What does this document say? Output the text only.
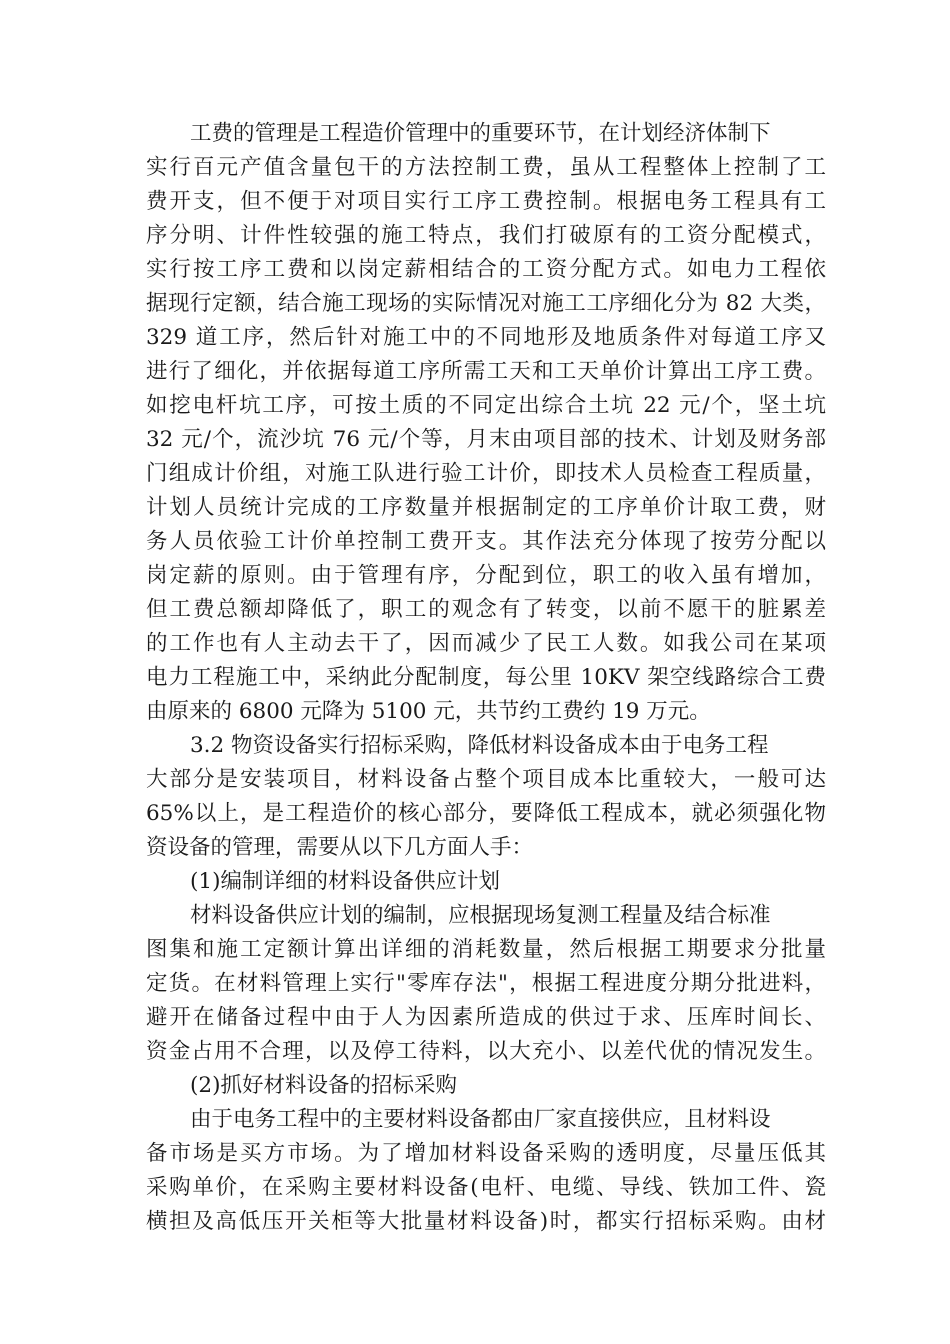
工费的管理是工程造价管理中的重要环节，在计划经济体制下
实行百元产值含量包干的方法控制工费，虽从工程整体上控制了工
费开支，但不便于对项目实行工序工费控制。根据电务工程具有工
序分明、计件性较强的施工特点，我们打破原有的工资分配模式，
实行按工序工费和以岗定薪相结合的工资分配方式。如电力工程依
据现行定额，结合施工现场的实际情况对施工工序细化分为 82 大类，
329 道工序，然后针对施工中的不同地形及地质条件对每道工序又
进行了细化，并依据每道工序所需工天和工天单价计算出工序工费。
如挖电杆坑工序，可按土质的不同定出综合土坑 22 元/个，坚土坑
32 元/个，流沙坑 76 元/个等，月末由项目部的技术、计划及财务部
门组成计价组，对施工队进行验工计价，即技术人员检查工程质量，
计划人员统计完成的工序数量并根据制定的工序单价计取工费，财
务人员依验工计价单控制工费开支。其作法充分体现了按劳分配以
岗定薪的原则。由于管理有序，分配到位，职工的收入虽有增加，
但工费总额却降低了，职工的观念有了转变，以前不愿干的脏累差
的工作也有人主动去干了，因而减少了民工人数。如我公司在某项
电力工程施工中，采纳此分配制度，每公里 10KV 架空线路综合工费
由原来的 6800 元降为 5100 元，共节约工费约 19 万元。
3.2 物资设备实行招标采购，降低材料设备成本由于电务工程
大部分是安装项目，材料设备占整个项目成本比重较大，一般可达
65%以上，是工程造价的核心部分，要降低工程成本，就必须强化物
资设备的管理，需要从以下几方面人手：
(1)编制详细的材料设备供应计划
材料设备供应计划的编制，应根据现场复测工程量及结合标准
图集和施工定额计算出详细的消耗数量，然后根据工期要求分批量
定货。在材料管理上实行"零库存法"，根据工程进度分期分批进料，
避开在储备过程中由于人为因素所造成的供过于求、压库时间长、
资金占用不合理，以及停工待料，以大充小、以差代优的情况发生。
(2)抓好材料设备的招标采购
由于电务工程中的主要材料设备都由厂家直接供应，且材料设
备市场是买方市场。为了增加材料设备采购的透明度，尽量压低其
采购单价，在采购主要材料设备(电杆、电缆、导线、铁加工件、瓷
横担及高低压开关柜等大批量材料设备)时，都实行招标采购。由材
